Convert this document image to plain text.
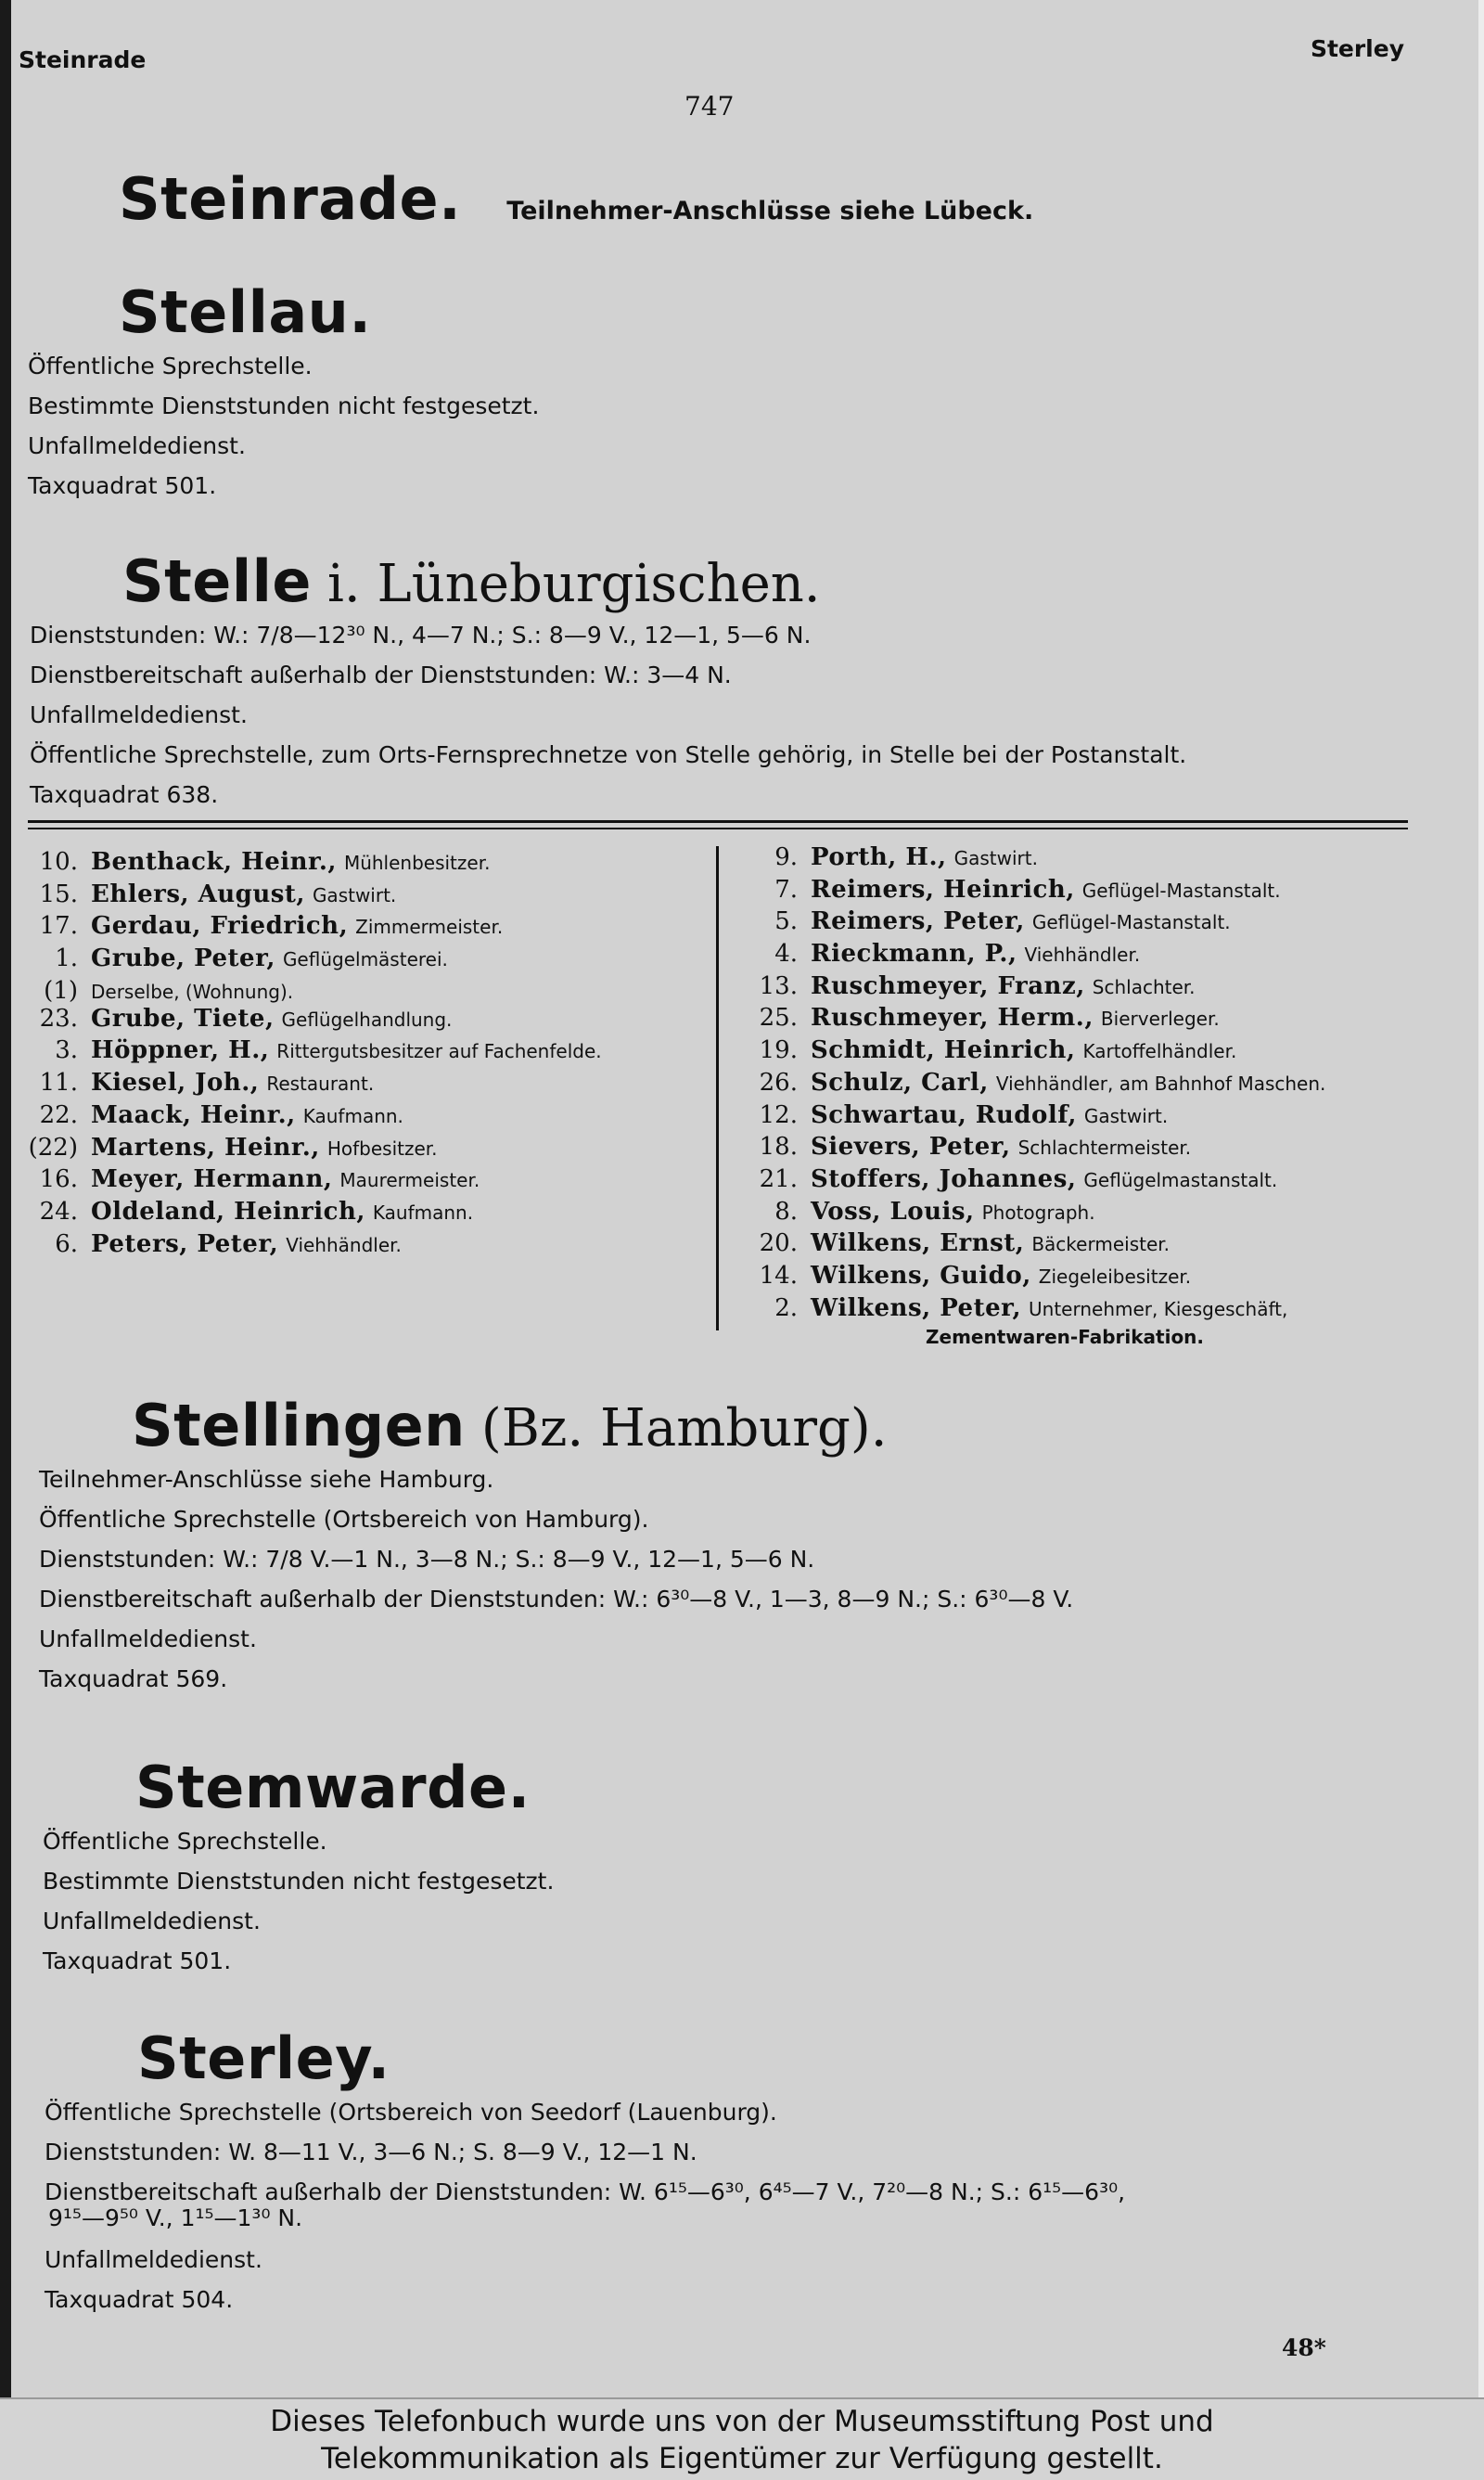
Steinrade	Sterley
747
Steinrade. Teilnehmer-Anschlüsse siehe Lübeck.
Stellau.
Öffentliche Sprechstelle.
Bestimmte Dienststunden nicht festgesetzt.
Unfallmeldedienst.
Taxquadrat 501.
Stelle i. Lüneburgischen.
Dienststunden: W.: 7/8—12³⁰ N., 4—7 N.; S.: 8—9 V., 12—1, 5—6 N.
Dienstbereitschaft außerhalb der Dienststunden: W.: 3—4 N.
Unfallmeldedienst.
Öffentliche Sprechstelle, zum Orts-Fernsprechnetze von Stelle gehörig, in Stelle bei der Postanstalt.
Taxquadrat 638.
10. Benthack, Heinr., Mühlenbesitzer.
15. Ehlers, August, Gastwirt.
17. Gerdau, Friedrich, Zimmermeister.
1. Grube, Peter, Geflügelmästerei.
(1) Derselbe, (Wohnung).
23. Grube, Tiete, Geflügelhandlung.
3. Höppner, H., Rittergutsbesitzer auf Fachenfelde.
11. Kiesel, Joh., Restaurant.
22. Maack, Heinr., Kaufmann.
(22) Martens, Heinr., Hofbesitzer.
16. Meyer, Hermann, Maurermeister.
24. Oldeland, Heinrich, Kaufmann.
6. Peters, Peter, Viehhändler.
9. Porth, H., Gastwirt.
7. Reimers, Heinrich, Geflügel-Mastanstalt.
5. Reimers, Peter, Geflügel-Mastanstalt.
4. Rieckmann, P., Viehhändler.
13. Ruschmeyer, Franz, Schlachter.
25. Ruschmeyer, Herm., Bierverleger.
19. Schmidt, Heinrich, Kartoffelhändler.
26. Schulz, Carl, Viehhändler, am Bahnhof Maschen.
12. Schwartau, Rudolf, Gastwirt.
18. Sievers, Peter, Schlachtermeister.
21. Stoffers, Johannes, Geflügelmastanstalt.
8. Voss, Louis, Photograph.
20. Wilkens, Ernst, Bäckermeister.
14. Wilkens, Guido, Ziegeleibesitzer.
2. Wilkens, Peter, Unternehmer, Kiesgeschäft,
Zementwaren-Fabrikation.
Stellingen (Bz. Hamburg).
Teilnehmer-Anschlüsse siehe Hamburg.
Öffentliche Sprechstelle (Ortsbereich von Hamburg).
Dienststunden: W.: 7/8 V.—1 N., 3—8 N.; S.: 8—9 V., 12—1, 5—6 N.
Dienstbereitschaft außerhalb der Dienststunden: W.: 6³⁰—8 V., 1—3, 8—9 N.; S.: 6³⁰—8 V.
Unfallmeldedienst.
Taxquadrat 569.
Stemwarde.
Öffentliche Sprechstelle.
Bestimmte Dienststunden nicht festgesetzt.
Unfallmeldedienst.
Taxquadrat 501.
Sterley.
Öffentliche Sprechstelle (Ortsbereich von Seedorf (Lauenburg).
Dienststunden: W. 8—11 V., 3—6 N.; S. 8—9 V., 12—1 N.
Dienstbereitschaft außerhalb der Dienststunden: W. 6¹⁵—6³⁰, 6⁴⁵—7 V., 7²⁰—8 N.; S.: 6¹⁵—6³⁰,
9¹⁵—9⁵⁰ V., 1¹⁵—1³⁰ N.
Unfallmeldedienst.
Taxquadrat 504.
48*
Dieses Telefonbuch wurde uns von der Museumsstiftung Post und
Telekommunikation als Eigentümer zur Verfügung gestellt.
